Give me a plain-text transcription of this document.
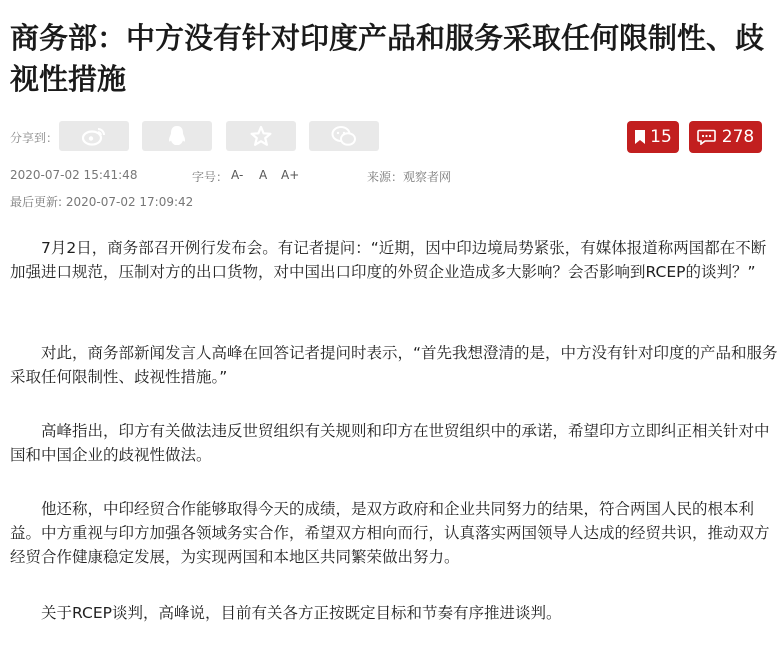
商务部：中方没有针对印度产品和服务采取任何限制性、歧视性措施
分享到：	15	278
2020-07-02 15:41:48	字号： A- A A+	来源：观察者网
最后更新: 2020-07-02 17:09:42

7月2日，商务部召开例行发布会。有记者提问：“近期，因中印边境局势紧张，有媒体报道称两国都在不断加强进口规范，压制对方的出口货物，对中国出口印度的外贸企业造成多大影响？会否影响到RCEP的谈判？”

对此，商务部新闻发言人高峰在回答记者提问时表示，“首先我想澄清的是，中方没有针对印度的产品和服务采取任何限制性、歧视性措施。”

高峰指出，印方有关做法违反世贸组织有关规则和印方在世贸组织中的承诺，希望印方立即纠正相关针对中国和中国企业的歧视性做法。

他还称，中印经贸合作能够取得今天的成绩，是双方政府和企业共同努力的结果，符合两国人民的根本利益。中方重视与印方加强各领域务实合作，希望双方相向而行，认真落实两国领导人达成的经贸共识，推动双方经贸合作健康稳定发展，为实现两国和本地区共同繁荣做出努力。

关于RCEP谈判，高峰说，目前有关各方正按既定目标和节奏有序推进谈判。
